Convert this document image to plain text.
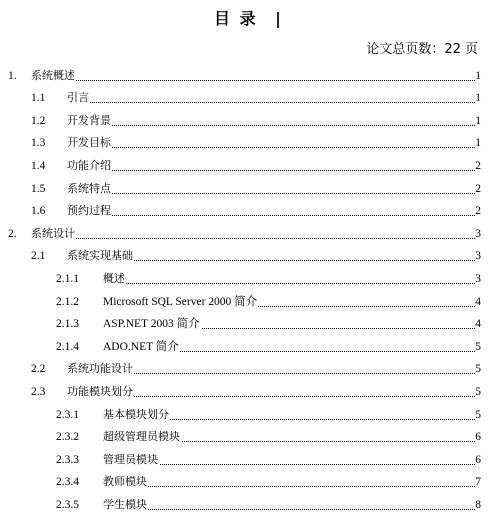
目 录 |
论文总页数：22 页
1. 系统概述	1
1.1 引言	1
1.2 开发背景	1
1.3 开发目标	1
1.4 功能介绍	2
1.5 系统特点	2
1.6 预约过程	2
2. 系统设计	3
2.1 系统实现基础	3
2.1.1 概述	3
2.1.2 Microsoft SQL Server 2000 简介	4
2.1.3 ASP.NET 2003 简介	4
2.1.4 ADO.NET 简介	5
2.2 系统功能设计	5
2.3 功能模块划分	5
2.3.1 基本模块划分	5
2.3.2 超级管理员模块	6
2.3.3 管理员模块	6
2.3.4 教师模块	7
2.3.5 学生模块	8
